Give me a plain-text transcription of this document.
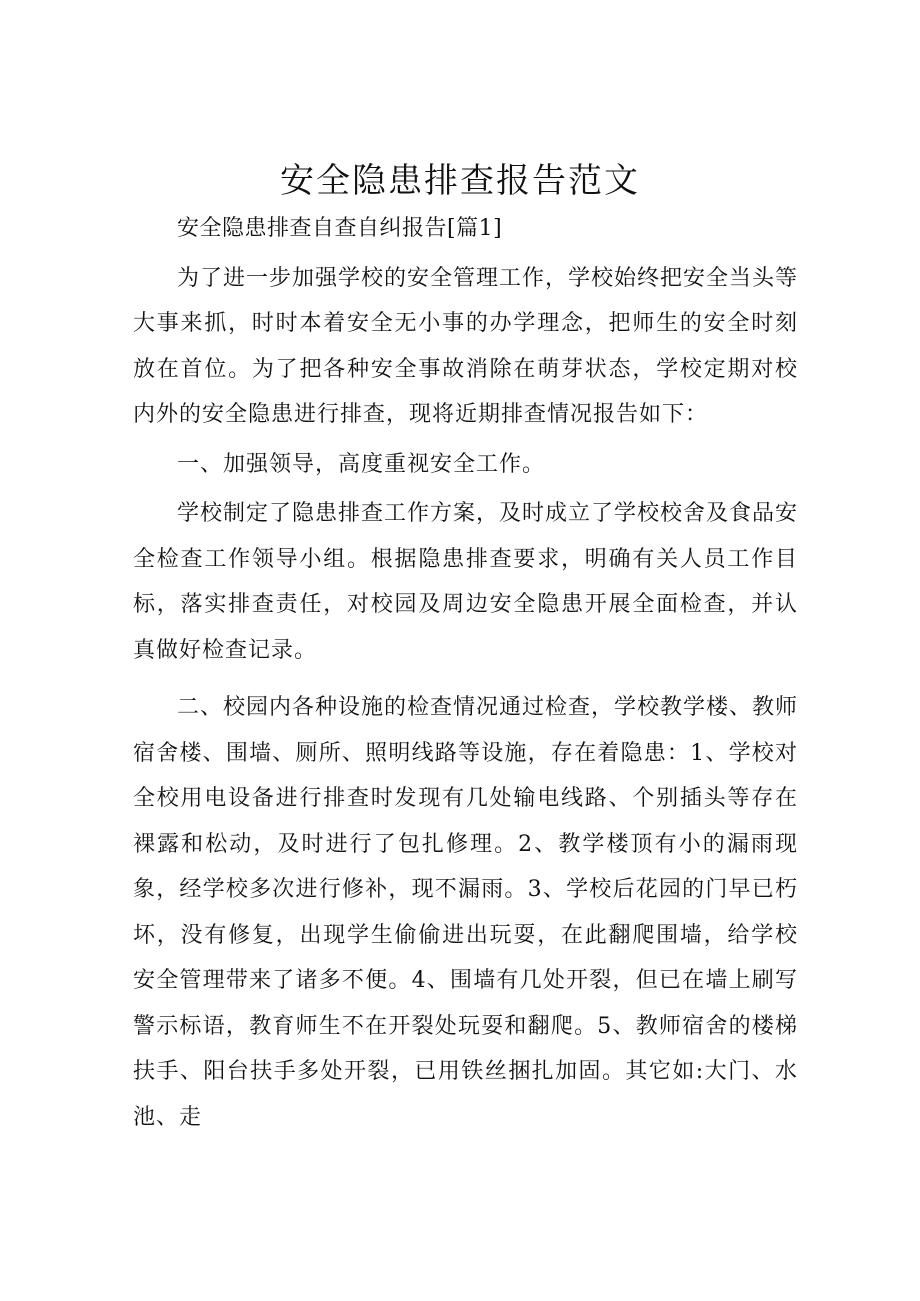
安全隐患排查报告范文

安全隐患排查自查自纠报告[篇1]

为了进一步加强学校的安全管理工作，学校始终把安全当头等大事来抓，时时本着安全无小事的办学理念，把师生的安全时刻放在首位。为了把各种安全事故消除在萌芽状态，学校定期对校内外的安全隐患进行排查，现将近期排查情况报告如下：

一、加强领导，高度重视安全工作。

学校制定了隐患排查工作方案，及时成立了学校校舍及食品安全检查工作领导小组。根据隐患排查要求，明确有关人员工作目标，落实排查责任，对校园及周边安全隐患开展全面检查，并认真做好检查记录。

二、校园内各种设施的检查情况通过检查，学校教学楼、教师宿舍楼、围墙、厕所、照明线路等设施，存在着隐患：1、学校对全校用电设备进行排查时发现有几处输电线路、个别插头等存在裸露和松动，及时进行了包扎修理。2、教学楼顶有小的漏雨现象，经学校多次进行修补，现不漏雨。3、学校后花园的门早已朽坏，没有修复，出现学生偷偷进出玩耍，在此翻爬围墙，给学校安全管理带来了诸多不便。4、围墙有几处开裂，但已在墙上刷写警示标语，教育师生不在开裂处玩耍和翻爬。5、教师宿舍的楼梯扶手、阳台扶手多处开裂，已用铁丝捆扎加固。其它如:大门、水池、走
